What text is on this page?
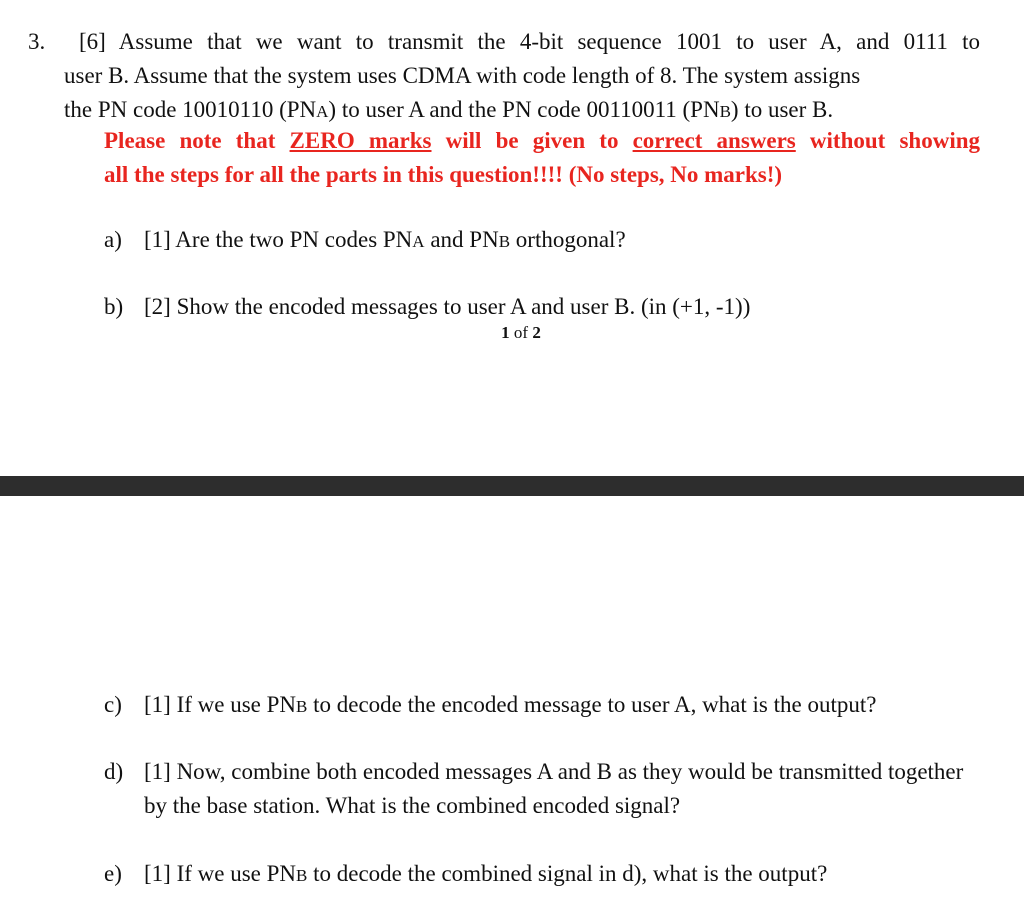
3.	[6] Assume that we want to transmit the 4-bit sequence 1001 to user A, and 0111 to
user B. Assume that the system uses CDMA with code length of 8. The system assigns
the PN code 10010110 (PNA) to user A and the PN code 00110011 (PNB) to user B.
Please note that ZERO marks will be given to correct answers without showing
all the steps for all the parts in this question!!!! (No steps, No marks!)
a) [1] Are the two PN codes PNA and PNB orthogonal?
b) [2] Show the encoded messages to user A and user B. (in (+1, -1))
1 of 2
c) [1] If we use PNB to decode the encoded message to user A, what is the output?
d) [1] Now, combine both encoded messages A and B as they would be transmitted together by the base station. What is the combined encoded signal?
e) [1] If we use PNB to decode the combined signal in d), what is the output?
